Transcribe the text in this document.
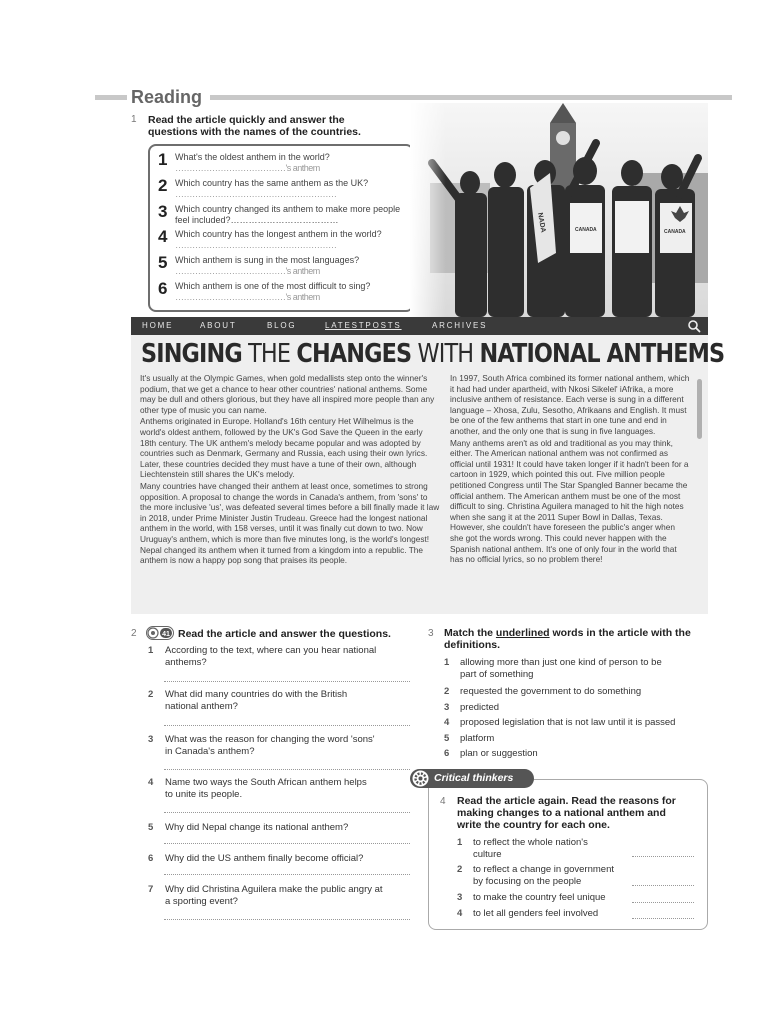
Reading
1 Read the article quickly and answer the
questions with the names of the countries.
1 What's the oldest anthem in the world?
…………………………………'s anthem
2 Which country has the same anthem as the UK?
…………………………………………………
3 Which country changed its anthem to make more people feel included?………………………………
4 Which country has the longest anthem in the world?
…………………………………………………
5 Which anthem is sung in the most languages?
…………………………………'s anthem
6 Which anthem is one of the most difficult to sing?
…………………………………'s anthem
HOME	ABOUT	BLOG	LATESTPOSTS	ARCHIVES
SINGING THE CHANGES WITH NATIONAL ANTHEMS

It's usually at the Olympic Games, when gold medallists step onto the winner's podium, that we get a chance to hear other countries' national anthems. Some may be dull and others glorious, but they have all inspired more people than any other type of music you can name.

Anthems originated in Europe. Holland's 16th century Het Wilhelmus is the world's oldest anthem, followed by the UK's God Save the Queen in the early 18th century. The UK anthem's melody became popular and was adopted by countries such as Denmark, Germany and Russia, each using their own lyrics. Later, these countries decided they must have a tune of their own, although Liechtenstein still shares the UK's melody.

Many countries have changed their anthem at least once, sometimes to strong opposition. A proposal to change the words in Canada's anthem, from 'sons' to the more inclusive 'us', was defeated several times before a bill finally made it law in 2018, under Prime Minister Justin Trudeau. Greece had the longest national anthem in the world, with 158 verses, until it was finally cut down to two. Now Uruguay's anthem, which is more than five minutes long, is the world's longest! Nepal changed its anthem when it turned from a kingdom into a republic. The anthem is now a happy pop song that praises its people.

In 1997, South Africa combined its former national anthem, which it had had under apartheid, with Nkosi Sikelel' iAfrika, a more inclusive anthem of resistance. Each verse is sung in a different language – Xhosa, Zulu, Sesotho, Afrikaans and English. It must be one of the few anthems that start in one tune and end in another, and the only one that is sung in five languages.

Many anthems aren't as old and traditional as you may think, either. The American national anthem was not confirmed as official until 1931! It could have taken longer if it hadn't been for a cartoon in 1929, which pointed this out. Five million people petitioned Congress until The Star Spangled Banner became the official anthem. The American anthem must be one of the most difficult to sing. Christina Aguilera managed to hit the high notes when she sang it at the 2011 Super Bowl in Dallas, Texas. However, she couldn't have foreseen the public's anger when she got the words wrong. This could never happen with the Spanish national anthem. It's one of only four in the world that has no official lyrics, so no problem there!

2	41 Read the article and answer the questions.
1 According to the text, where can you hear national
anthems?
2 What did many countries do with the British
national anthem?
3 What was the reason for changing the word 'sons'
in Canada's anthem?
4 Name two ways the South African anthem helps
to unite its people.
5 Why did Nepal change its national anthem?
6 Why did the US anthem finally become official?
7 Why did Christina Aguilera make the public angry at
a sporting event?
3 Match the underlined words in the article with the
definitions.
1 allowing more than just one kind of person to be
part of something
2 requested the government to do something
3 predicted
4 proposed legislation that is not law until it is passed
5 platform
6 plan or suggestion
Critical thinkers
4 Read the article again. Read the reasons for
making changes to a national anthem and
write the country for each one.
1 to reflect the whole nation's
culture
2 to reflect a change in government
by focusing on the people
3 to make the country feel unique
4 to let all genders feel involved
